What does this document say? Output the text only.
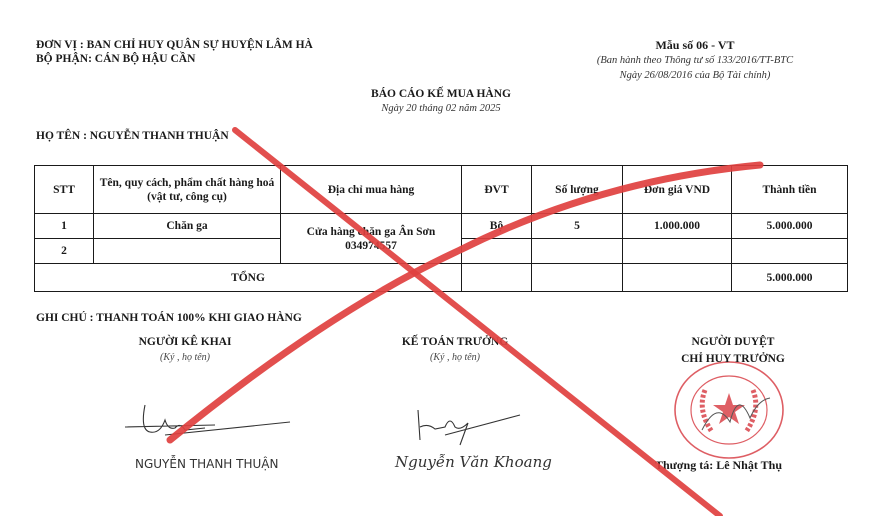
ĐƠN VỊ : BAN CHỈ HUY QUÂN SỰ HUYỆN LÂM HÀ
BỘ PHẬN: CÁN BỘ HẬU CẦN
Mẫu số 06 - VT
(Ban hành theo Thông tư số 133/2016/TT-BTC
Ngày 26/08/2016 của Bộ Tài chính)
BÁO CÁO KẾ MUA HÀNG
Ngày 20 tháng 02 năm 2025
HỌ TÊN : NGUYỄN THANH THUẬN
STT	Tên, quy cách, phẩm chất hàng hoá (vật tư, công cụ)	Địa chỉ mua hàng	ĐVT	Số lượng	Đơn giá VND	Thành tiền
1	Chăn ga	Cửa hàng chăn ga Ân Sơn 034974557	Bộ	5	1.000.000	5.000.000
2						
TỔNG						5.000.000
GHI CHÚ : THANH TOÁN 100% KHI GIAO HÀNG
NGƯỜI KÊ KHAI
(Ký , họ tên)
KẾ TOÁN TRƯỞNG
(Ký , họ tên)
NGƯỜI DUYỆT
CHỈ HUY TRƯỞNG
NGUYỄN THANH THUẬN	Nguyễn Văn Khoang	Thượng tá: Lê Nhật Thụ
